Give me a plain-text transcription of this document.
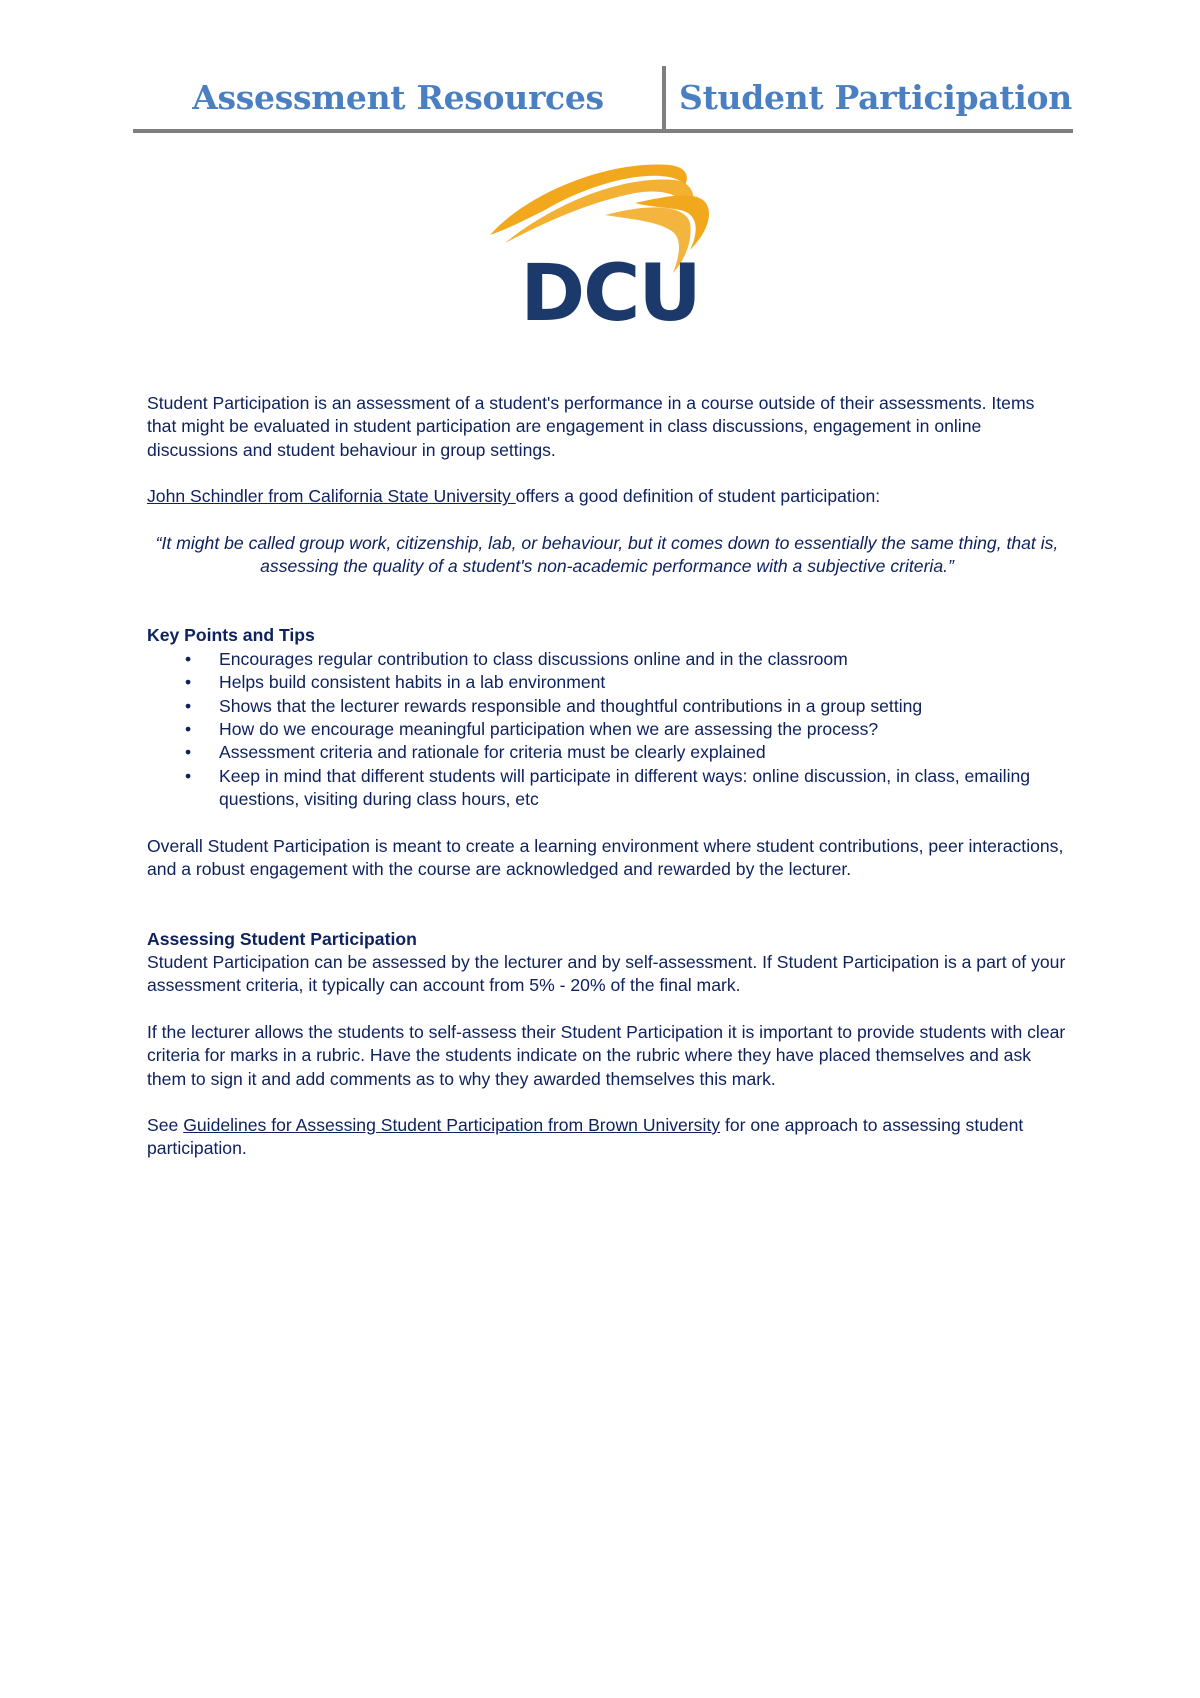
Assessment Resources	Student Participation
DCU

Student Participation is an assessment of a student's performance in a course outside of their assessments. Items that might be evaluated in student participation are engagement in class discussions, engagement in online discussions and student behaviour in group settings.

John Schindler from California State University offers a good definition of student participation:

“It might be called group work, citizenship, lab, or behaviour, but it comes down to essentially the same thing, that is, assessing the quality of a student's non-academic performance with a subjective criteria.”

Key Points and Tips

• Encourages regular contribution to class discussions online and in the classroom
• Helps build consistent habits in a lab environment
• Shows that the lecturer rewards responsible and thoughtful contributions in a group setting
• How do we encourage meaningful participation when we are assessing the process?
• Assessment criteria and rationale for criteria must be clearly explained
• Keep in mind that different students will participate in different ways: online discussion, in class, emailing questions, visiting during class hours, etc

Overall Student Participation is meant to create a learning environment where student contributions, peer interactions, and a robust engagement with the course are acknowledged and rewarded by the lecturer.

Assessing Student Participation

Student Participation can be assessed by the lecturer and by self-assessment. If Student Participation is a part of your assessment criteria, it typically can account from 5% - 20% of the final mark.

If the lecturer allows the students to self-assess their Student Participation it is important to provide students with clear criteria for marks in a rubric. Have the students indicate on the rubric where they have placed themselves and ask them to sign it and add comments as to why they awarded themselves this mark.

See Guidelines for Assessing Student Participation from Brown University for one approach to assessing student participation.
